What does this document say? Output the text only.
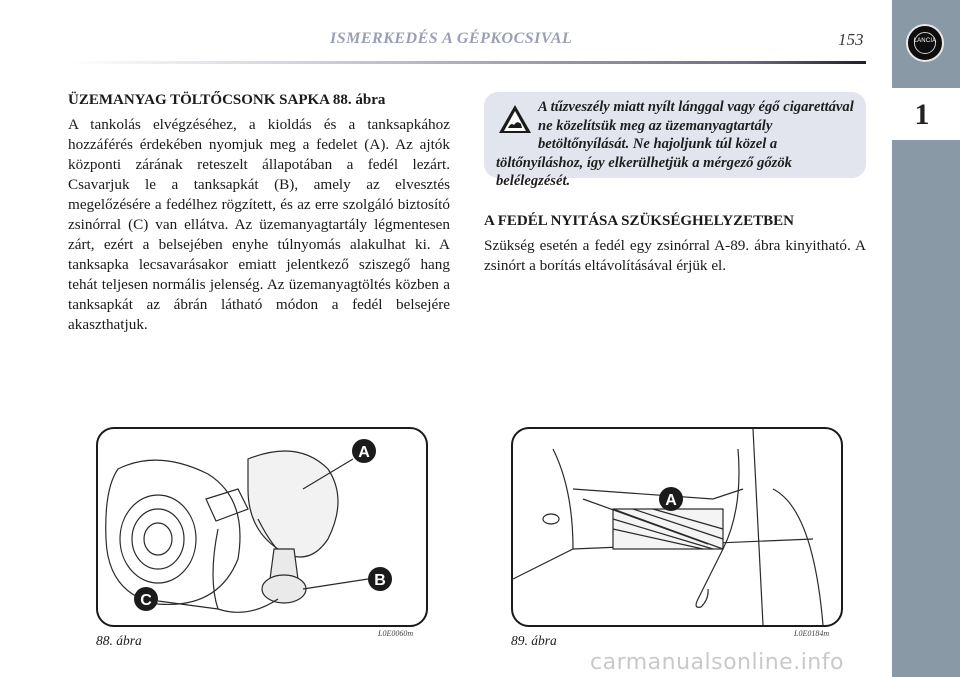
ISMERKEDÉS A GÉPKOCSIVAL	153	LANCIA
1
ÜZEMANYAG TÖLTŐCSONK SAPKA 88. ábra

A tankolás elvégzéséhez, a kioldás és a tanksapkához hozzáférés érdekében nyomjuk meg a fedelet (A). Az ajtók központi zárának reteszelt állapotában a fedél lezárt. Csavarjuk le a tanksapkát (B), amely az elvesztés megelőzésére a fedélhez rögzített, és az erre szolgáló biztosító zsinórral (C) van ellátva. Az üzemanyagtartály légmentesen zárt, ezért a belsejében enyhe túlnyomás alakulhat ki. A tanksapka lecsavarásakor emiatt jelentkező sziszegő hang tehát teljesen normális jelenség. Az üzemanyagtöltés közben a tanksapkát az ábrán látható módon a fedél belsejére akaszthatjuk.

A tűzveszély miatt nyílt lánggal vagy égő cigarettával ne közelítsük meg az üzemanyagtartály betöltőnyílását. Ne hajoljunk túl közel a töltőnyíláshoz, így elkerülhetjük a mérgező gőzök belélegzését.

A FEDÉL NYITÁSA SZÜKSÉGHELYZETBEN

Szükség esetén a fedél egy zsinórral A-89. ábra kinyitható. A zsinórt a borítás eltávolításával érjük el.

A
B
C
88. ábra	L0E0060m
A
89. ábra	L0E0184m
carmanualsonline.info
